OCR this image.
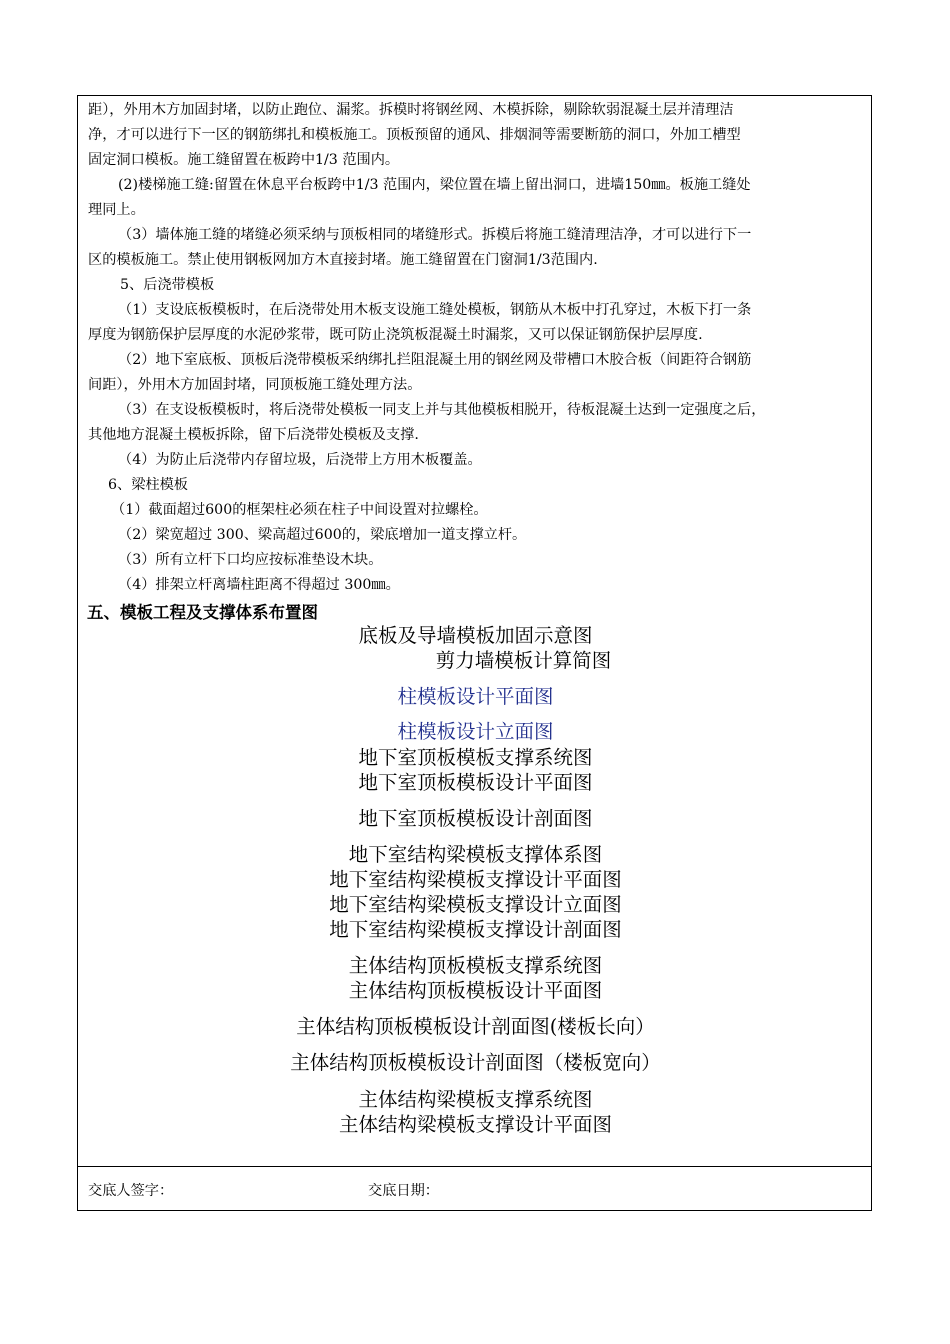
距），外用木方加固封堵，以防止跑位、漏浆。拆模时将钢丝网、木模拆除，剔除软弱混凝土层并清理洁
净，才可以进行下一区的钢筋绑扎和模板施工。顶板预留的通风、排烟洞等需要断筋的洞口，外加工槽型
固定洞口模板。施工缝留置在板跨中1/3 范围内。
(2)楼梯施工缝:留置在休息平台板跨中1/3 范围内，梁位置在墙上留出洞口，进墙150㎜。板施工缝处
理同上。
（3）墙体施工缝的堵缝必须采纳与顶板相同的堵缝形式。拆模后将施工缝清理洁净，才可以进行下一
区的模板施工。禁止使用钢板网加方木直接封堵。施工缝留置在门窗洞1/3范围内.
5、后浇带模板
（1）支设底板模板时，在后浇带处用木板支设施工缝处模板，钢筋从木板中打孔穿过，木板下打一条
厚度为钢筋保护层厚度的水泥砂浆带，既可防止浇筑板混凝土时漏浆，又可以保证钢筋保护层厚度.
（2）地下室底板、顶板后浇带模板采纳绑扎拦阻混凝土用的钢丝网及带槽口木胶合板（间距符合钢筋
间距），外用木方加固封堵，同顶板施工缝处理方法。
（3）在支设板模板时，将后浇带处模板一同支上并与其他模板相脱开，待板混凝土达到一定强度之后，
其他地方混凝土模板拆除，留下后浇带处模板及支撑.
（4）为防止后浇带内存留垃圾，后浇带上方用木板覆盖。
6、梁柱模板
（1）截面超过600的框架柱必须在柱子中间设置对拉螺栓。
（2）梁宽超过 300、梁高超过600的，梁底增加一道支撑立杆。
（3）所有立杆下口均应按标准垫设木块。
（4）排架立杆离墙柱距离不得超过 300㎜。
五、模板工程及支撑体系布置图
底板及导墙模板加固示意图
剪力墙模板计算简图
柱模板设计平面图
柱模板设计立面图
地下室顶板模板支撑系统图
地下室顶板模板设计平面图
地下室顶板模板设计剖面图
地下室结构梁模板支撑体系图
地下室结构梁模板支撑设计平面图
地下室结构梁模板支撑设计立面图
地下室结构梁模板支撑设计剖面图
主体结构顶板模板支撑系统图
主体结构顶板模板设计平面图
主体结构顶板模板设计剖面图(楼板长向）
主体结构顶板模板设计剖面图（楼板宽向）
主体结构梁模板支撑系统图
主体结构梁模板支撑设计平面图
交底人签字：	交底日期：
